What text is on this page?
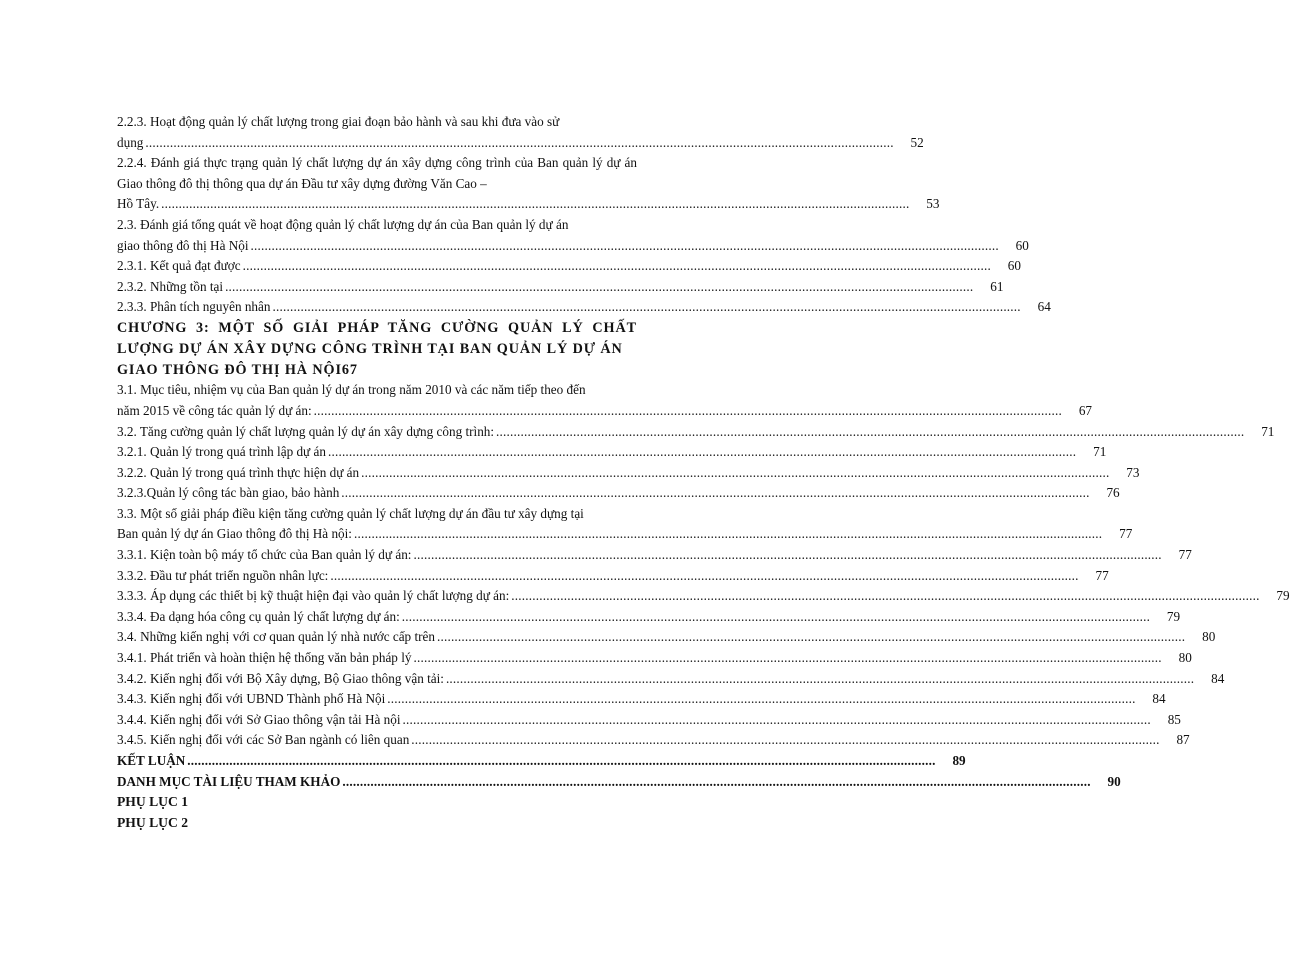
2.2.3. Hoạt động quản lý chất lượng trong giai đoạn bảo hành và sau khi đưa vào sử
dụng .....	52
2.2.4. Đánh giá thực trạng quản lý chất lượng dự án xây dựng công trình của Ban quản lý dự án Giao thông đô thị thông qua dự án Đầu tư xây dựng đường Văn Cao –
Hồ Tây. .....	53
2.3. Đánh giá tổng quát về hoạt động quản lý chất lượng dự án của Ban quản lý dự án
giao thông đô thị Hà Nội .....	60
2.3.1. Kết quả đạt được .....	60
2.3.2. Những tồn tại .....	61
2.3.3. Phân tích nguyên nhân .....	64
CHƯƠNG 3: MỘT SỐ GIẢI PHÁP TĂNG CƯỜNG QUẢN LÝ CHẤT LƯỢNG DỰ ÁN XÂY DỰNG CÔNG TRÌNH TẠI BAN QUẢN LÝ DỰ ÁN
GIAO THÔNG ĐÔ THỊ HÀ NỘI 67
3.1. Mục tiêu, nhiệm vụ của Ban quản lý dự án trong năm 2010 và các năm tiếp theo đến
năm 2015 về công tác quản lý dự án: .....	67
3.2. Tăng cường quản lý chất lượng quản lý dự án xây dựng công trình: .....	71
3.2.1. Quản lý trong quá trình lập dự án .....	71
3.2.2. Quản lý trong quá trình thực hiện dự án .....	73
3.2.3.Quản lý công tác bàn giao, bảo hành .....	76
3.3. Một số giải pháp điều kiện tăng cường quản lý chất lượng dự án đầu tư xây dựng tại
Ban quản lý dự án Giao thông đô thị Hà nội: .....	77
3.3.1. Kiện toàn bộ máy tổ chức của Ban quản lý dự án: .....	77
3.3.2. Đầu tư phát triển nguồn nhân lực: .....	77
3.3.3. Áp dụng các thiết bị kỹ thuật hiện đại vào quản lý chất lượng dự án: .....	79
3.3.4. Đa dạng hóa công cụ quản lý chất lượng dự án: .....	79
3.4. Những kiến nghị với cơ quan quản lý nhà nước cấp trên .....	80
3.4.1. Phát triển và hoàn thiện hệ thống văn bản pháp lý .....	80
3.4.2. Kiến nghị đối với Bộ Xây dựng, Bộ Giao thông vận tải: .....	84
3.4.3. Kiến nghị đối với UBND Thành phố Hà Nội .....	84
3.4.4. Kiến nghị đối với Sở Giao thông vận tải Hà nội .....	85
3.4.5. Kiến nghị đối với các Sở Ban ngành có liên quan .....	87
KẾT LUẬN .....	89
DANH MỤC TÀI LIỆU THAM KHẢO .....	90
PHỤ LỤC 1
PHỤ LỤC 2
